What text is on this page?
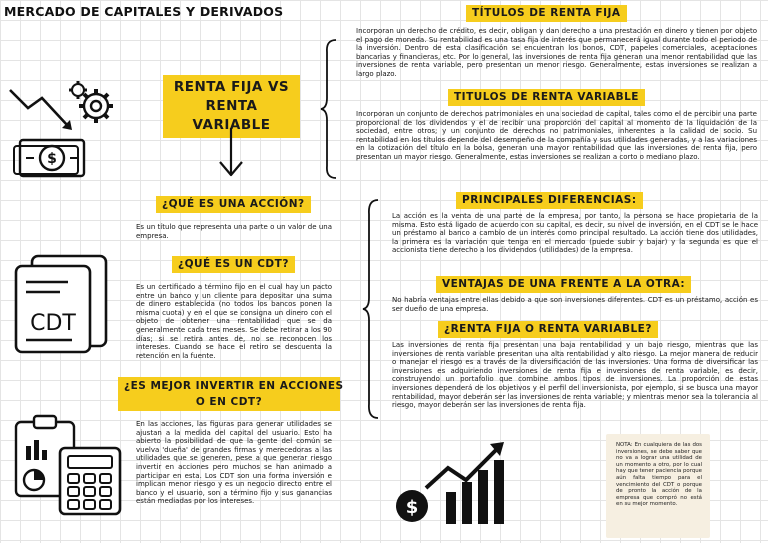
MERCADO DE CAPITALES Y DERIVADOS
RENTA FIJA VS
RENTA VARIABLE
$
CDT
$
TÍTULOS DE RENTA FIJA
Incorporan un derecho de crédito, es decir, obligan y dan derecho a una prestación en dinero y tienen por objeto el pago de moneda. Su rentabilidad es una tasa fija de interés que permanecerá igual durante todo el periodo de la inversión. Dentro de esta clasificación se encuentran los bonos, CDT, papeles comerciales, aceptaciones bancarias y financieras, etc. Por lo general, las inversiones de renta fija generan una menor rentabilidad que las inversiones de renta variable, pero presentan un menor riesgo. Generalmente, estas inversiones se realizan a largo plazo.
TITULOS DE RENTA VARIABLE
Incorporan un conjunto de derechos patrimoniales en una sociedad de capital, tales como el de percibir una parte proporcional de los dividendos y el de recibir una proporción del capital al momento de la liquidación de la sociedad, entre otros; y un conjunto de derechos no patrimoniales, inherentes a la calidad de socio. Su rentabilidad en los títulos depende del desempeño de la compañía y sus utilidades generadas, y a las variaciones en la cotización del título en la bolsa, generan una mayor rentabilidad que las inversiones de renta fija, pero presentan un mayor riesgo. Generalmente, estas inversiones se realizan a corto o mediano plazo.
¿QUÉ ES UNA ACCIÓN?
Es un título que representa una parte o un valor de una empresa.
¿QUÉ ES UN CDT?
Es un certificado a término fijo en el cual hay un pacto entre un banco y un cliente para depositar una suma de dinero establecida (no todos los bancos ponen la misma cuota) y en el que se consigna un dinero con el objeto de obtener una rentabilidad que se da generalmente cada tres meses. Se debe retirar a los 90 días; si se retira antes de, no se reconocen los intereses. Cuando se hace el retiro se descuenta la retención en la fuente.
¿ES MEJOR INVERTIR EN ACCIONES
O EN CDT?
En las acciones, las figuras para generar utilidades se ajustan a la medida del capital del usuario. Esto ha abierto la posibilidad de que la gente del común se vuelva 'dueña' de grandes firmas y merecedoras a las utilidades que se generen, pese a que generar riesgo invertir en acciones pero muchos se han animado a participar en esta. Los CDT son una forma inversión e implican menor riesgo y es un negocio directo entre el banco y el usuario, son a término fijo y sus ganancias están mediadas por los intereses.
PRINCIPALES DIFERENCIAS:
La acción es la venta de una parte de la empresa, por tanto, la persona se hace propietaria de la misma. Esto está ligado de acuerdo con su capital, es decir, su nivel de inversión, en el CDT se le hace un préstamo al banco a cambio de un interés como principal resultado. La acción tiene dos utilidades, la primera es la variación que tenga en el mercado (puede subir y bajar) y la segunda es que el accionista tiene derecho a los dividendos (utilidades) de la empresa.
VENTAJAS DE UNA FRENTE A LA OTRA:
No habría ventajas entre ellas debido a que son inversiones diferentes. CDT es un préstamo, acción es ser dueño de una empresa.
¿RENTA FIJA O RENTA VARIABLE?
Las inversiones de renta fija presentan una baja rentabilidad y un bajo riesgo, mientras que las inversiones de renta variable presentan una alta rentabilidad y alto riesgo. La mejor manera de reducir o manejar el riesgo es a través de la diversificación de las inversiones. Una forma de diversificar las inversiones es adquiriendo inversiones de renta fija e inversiones de renta variable, es decir, construyendo un portafolio que combine ambos tipos de inversiones. La proporción de estas inversiones dependerá de los objetivos y el perfil del inversionista, por ejemplo, si se busca una mayor rentabilidad, mayor deberán ser las inversiones de renta variable; y mientras menor sea la tolerancia al riesgo, mayor deberán ser las inversiones de renta fija.
NOTA: En cualquiera de las dos inversiones, se debe saber que no va a lograr una utilidad de un momento a otro, por lo cual hay que tener paciencia porque aún falta tiempo para el vencimiento del CDT o porque de pronto la acción de la empresa que compró no está en su mejor momento.
